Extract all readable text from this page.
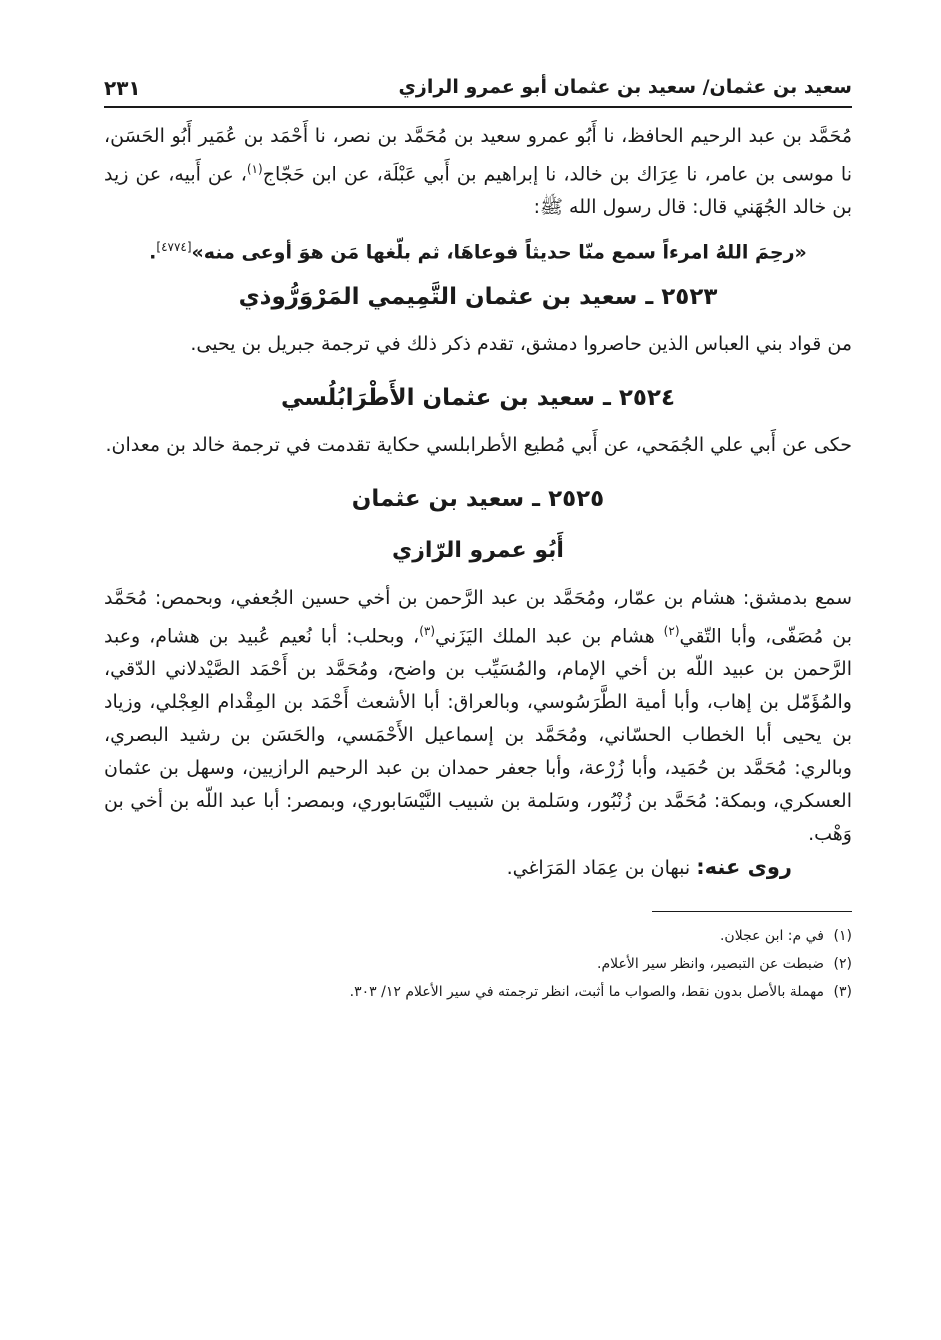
سعيد بن عثمان/ سعيد بن عثمان أبو عمرو الرازي
٢٣١

مُحَمَّد بن عبد الرحيم الحافظ، نا أَبُو عمرو سعيد بن مُحَمَّد بن نصر، نا أَحْمَد بن عُمَير أَبُو الحَسَن، نا موسى بن عامر، نا عِرَاك بن خالد، نا إبراهيم بن أَبي عَبْلَة، عن ابن حَجّاج$^{(١)}$، عن أَبيه، عن زيد بن خالد الجُهَني قال: قال رسول الله ﷺ:

«رحِمَ اللهُ امرءاً سمع منّا حديثاً فوعاهَا، ثم بلّغها مَن هوَ أوعى منه»[٤٧٧٤].

٢٥٢٣ ـ سعيد بن عثمان التَّمِيمي المَرْوَرُّوذي

من قواد بني العباس الذين حاصروا دمشق، تقدم ذكر ذلك في ترجمة جبريل بن يحيى.

٢٥٢٤ ـ سعيد بن عثمان الأَطْرَابُلُسي

حكى عن أَبي علي الجُمَحي، عن أَبي مُطيع الأطرابلسي حكاية تقدمت في ترجمة خالد بن معدان.

٢٥٢٥ ـ سعيد بن عثمان
أَبُو عمرو الرّازي

سمع بدمشق: هشام بن عمّار، ومُحَمَّد بن عبد الرَّحمن بن أخي حسين الجُعفي، وبحمص: مُحَمَّد بن مُصَفّى، وأبا التّقي$^{(٢)}$ هشام بن عبد الملك اليَزَني$^{(٣)}$، وبحلب: أبا نُعيم عُبيد بن هشام، وعبد الرَّحمن بن عبيد اللّه بن أخي الإمام، والمُسَيِّب بن واضح، ومُحَمَّد بن أَحْمَد الصَّيْدلاني الدّقي، والمُؤَمّل بن إهاب، وأبا أمية الطَّرَسُوسي، وبالعراق: أبا الأشعث أَحْمَد بن المِقْدام العِجْلي، وزياد بن يحيى أبا الخطاب الحسّاني، ومُحَمَّد بن إسماعيل الأَحْمَسي، والحَسَن بن رشيد البصري، وبالري: مُحَمَّد بن حُمَيد، وأبا زُرْعة، وأبا جعفر حمدان بن عبد الرحيم الرازيين، وسهل بن عثمان العسكري، وبمكة: مُحَمَّد بن زُنْبُور، وسَلمة بن شبيب النَّيْسَابوري، وبمصر: أبا عبد اللّه بن أخي بن وَهْب.

روى عنه: نبهان بن عِمَاد المَرَاغي.

(١)في م: ابن عجلان.

(٢)ضبطت عن التبصير، وانظر سير الأعلام.

(٣)مهملة بالأصل بدون نقط، والصواب ما أثبت، انظر ترجمته في سير الأعلام ١٢/ ٣٠٣.
